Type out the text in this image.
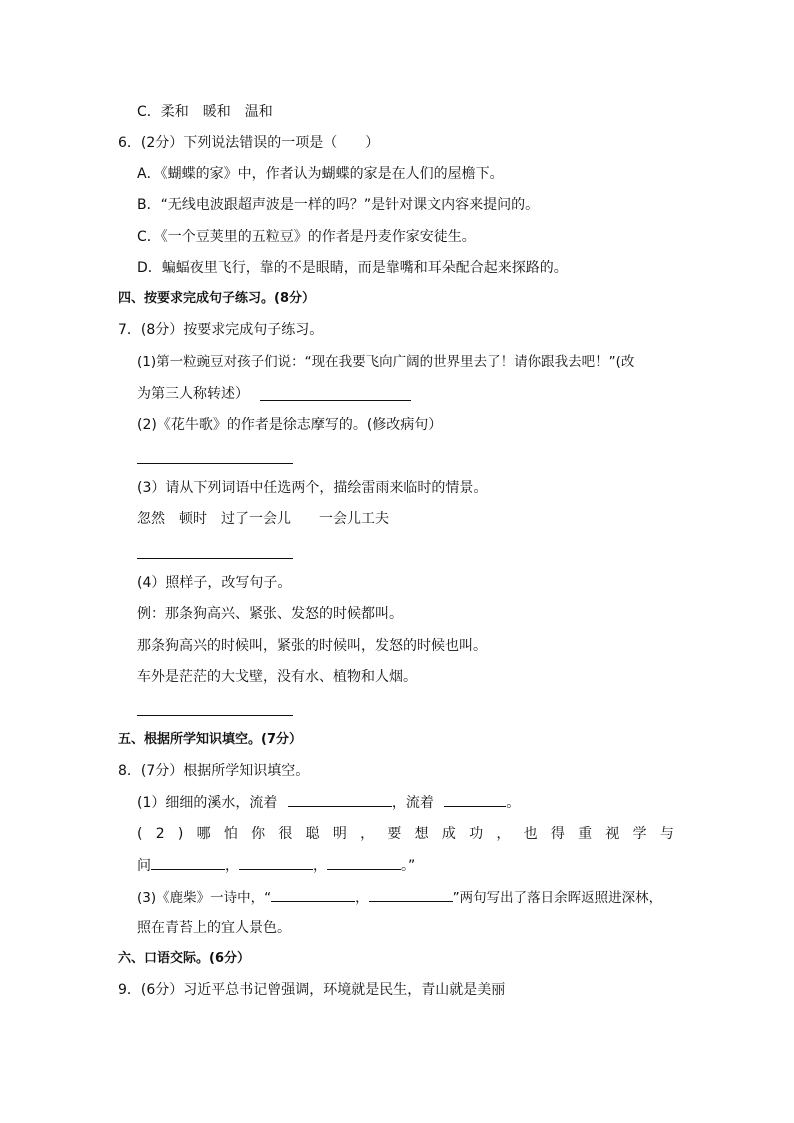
C．柔和　暖和　温和
6．(2分）下列说法错误的一项是（　　）
A．《蝴蝶的家》中，作者认为蝴蝶的家是在人们的屋檐下。
B．“无线电波跟超声波是一样的吗？”是针对课文内容来提问的。
C．《一个豆荚里的五粒豆》的作者是丹麦作家安徒生。
D．蝙蝠夜里飞行，靠的不是眼睛，而是靠嘴和耳朵配合起来探路的。
四、按要求完成句子练习。(8分）
7．(8分）按要求完成句子练习。
(1)第一粒豌豆对孩子们说：“现在我要飞向广阔的世界里去了！请你跟我去吧！”(改
为第三人称转述）
(2)《花牛歌》的作者是徐志摩写的。(修改病句）
(3）请从下列词语中任选两个，描绘雷雨来临时的情景。
忽然　顿时　过了一会儿　　一会儿工夫
(4）照样子，改写句子。
例：那条狗高兴、紧张、发怒的时候都叫。
那条狗高兴的时候叫，紧张的时候叫，发怒的时候也叫。
车外是茫茫的大戈壁，没有水、植物和人烟。
五、根据所学知识填空。(7分）
8．(7分）根据所学知识填空。
(1）细细的溪水，流着	，流着	。
( 2 ) 哪 怕 你 很 聪 明 ， 要 想 成 功 ， 也 得 重 视 学 与
问	，	，	。”
(3)《鹿柴》一诗中，“	，	”两句写出了落日余晖返照进深林，
照在青苔上的宜人景色。
六、口语交际。(6分）
9．(6分）习近平总书记曾强调，环境就是民生，青山就是美丽
